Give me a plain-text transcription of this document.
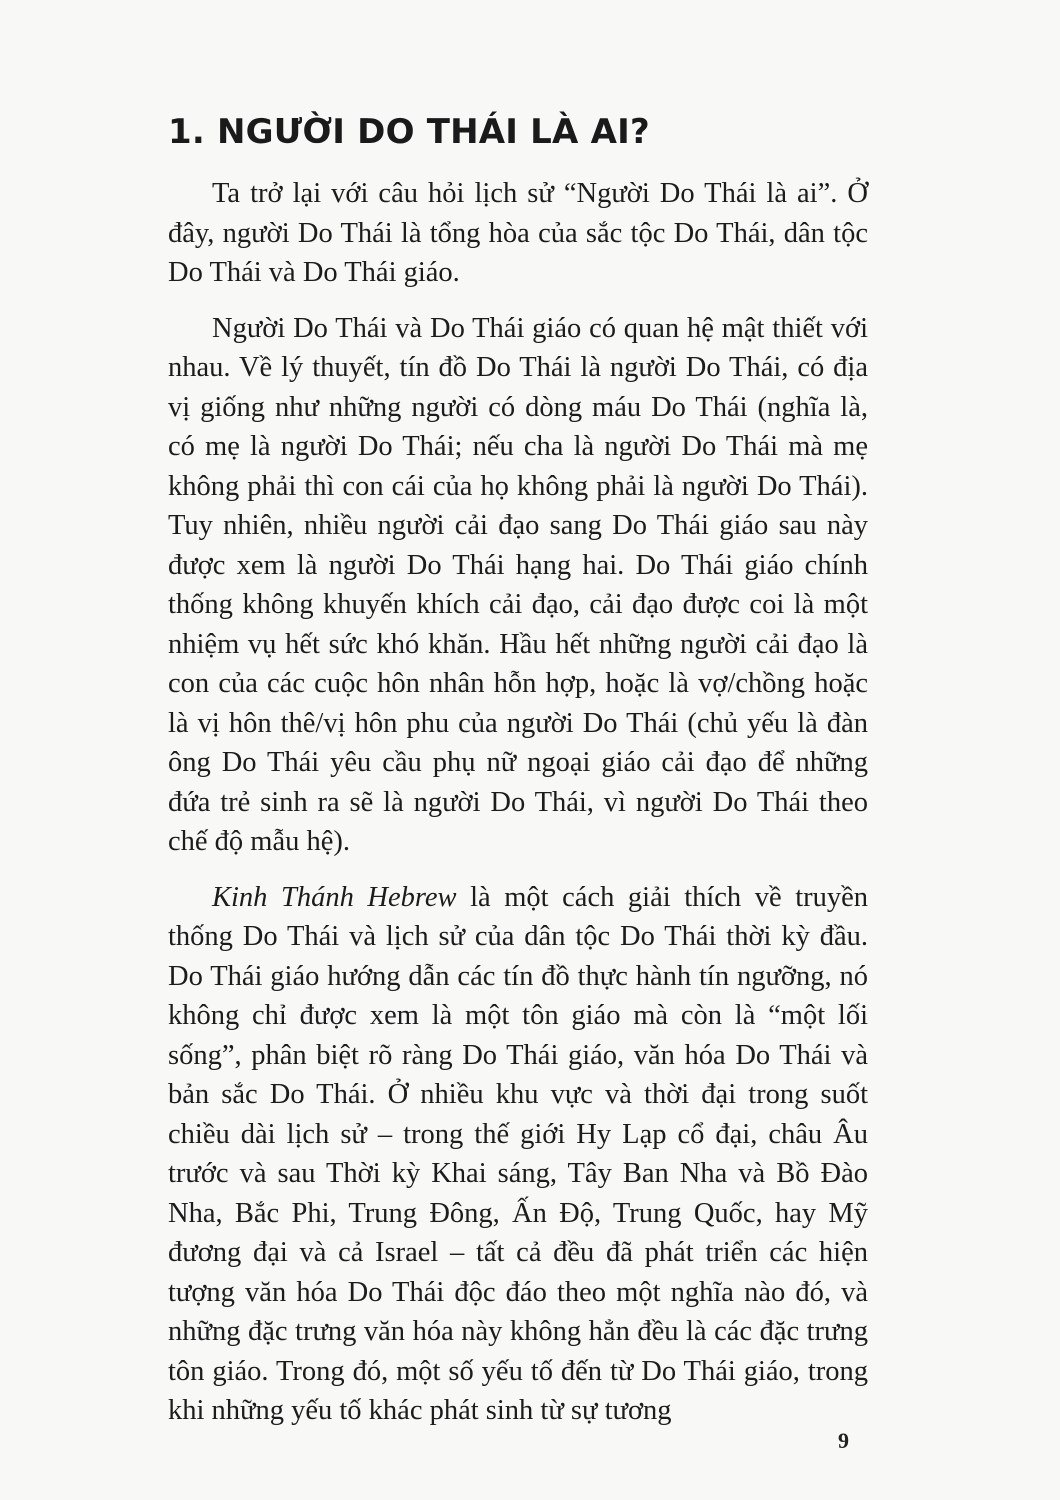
1. NGƯỜI DO THÁI LÀ AI?

Ta trở lại với câu hỏi lịch sử “Người Do Thái là ai”. Ở đây, người Do Thái là tổng hòa của sắc tộc Do Thái, dân tộc Do Thái và Do Thái giáo.

Người Do Thái và Do Thái giáo có quan hệ mật thiết với nhau. Về lý thuyết, tín đồ Do Thái là người Do Thái, có địa vị giống như những người có dòng máu Do Thái (nghĩa là, có mẹ là người Do Thái; nếu cha là người Do Thái mà mẹ không phải thì con cái của họ không phải là người Do Thái). Tuy nhiên, nhiều người cải đạo sang Do Thái giáo sau này được xem là người Do Thái hạng hai. Do Thái giáo chính thống không khuyến khích cải đạo, cải đạo được coi là một nhiệm vụ hết sức khó khăn. Hầu hết những người cải đạo là con của các cuộc hôn nhân hỗn hợp, hoặc là vợ/chồng hoặc là vị hôn thê/vị hôn phu của người Do Thái (chủ yếu là đàn ông Do Thái yêu cầu phụ nữ ngoại giáo cải đạo để những đứa trẻ sinh ra sẽ là người Do Thái, vì người Do Thái theo chế độ mẫu hệ).

Kinh Thánh Hebrew là một cách giải thích về truyền thống Do Thái và lịch sử của dân tộc Do Thái thời kỳ đầu. Do Thái giáo hướng dẫn các tín đồ thực hành tín ngưỡng, nó không chỉ được xem là một tôn giáo mà còn là “một lối sống”, phân biệt rõ ràng Do Thái giáo, văn hóa Do Thái và bản sắc Do Thái. Ở nhiều khu vực và thời đại trong suốt chiều dài lịch sử – trong thế giới Hy Lạp cổ đại, châu Âu trước và sau Thời kỳ Khai sáng, Tây Ban Nha và Bồ Đào Nha, Bắc Phi, Trung Đông, Ấn Độ, Trung Quốc, hay Mỹ đương đại và cả Israel – tất cả đều đã phát triển các hiện tượng văn hóa Do Thái độc đáo theo một nghĩa nào đó, và những đặc trưng văn hóa này không hẳn đều là các đặc trưng tôn giáo. Trong đó, một số yếu tố đến từ Do Thái giáo, trong khi những yếu tố khác phát sinh từ sự tương

9
